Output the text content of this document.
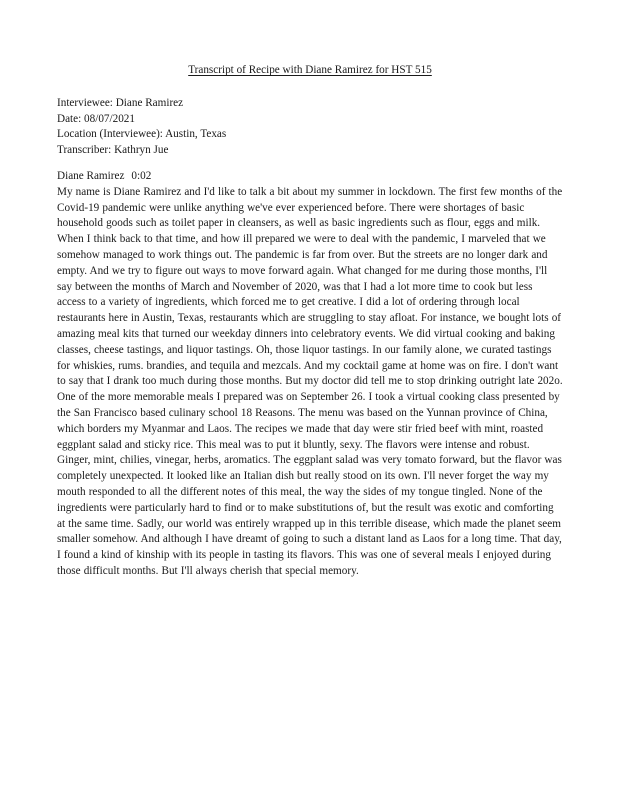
Transcript of Recipe with Diane Ramirez for HST 515
Interviewee: Diane Ramirez
Date: 08/07/2021
Location (Interviewee): Austin, Texas
Transcriber: Kathryn Jue
Diane Ramirez 0:02

My name is Diane Ramirez and I'd like to talk a bit about my summer in lockdown. The first few months of the Covid-19 pandemic were unlike anything we've ever experienced before. There were shortages of basic household goods such as toilet paper in cleansers, as well as basic ingredients such as flour, eggs and milk. When I think back to that time, and how ill prepared we were to deal with the pandemic, I marveled that we somehow managed to work things out. The pandemic is far from over. But the streets are no longer dark and empty. And we try to figure out ways to move forward again. What changed for me during those months, I'll say between the months of March and November of 2020, was that I had a lot more time to cook but less access to a variety of ingredients, which forced me to get creative. I did a lot of ordering through local restaurants here in Austin, Texas, restaurants which are struggling to stay afloat. For instance, we bought lots of amazing meal kits that turned our weekday dinners into celebratory events. We did virtual cooking and baking classes, cheese tastings, and liquor tastings. Oh, those liquor tastings. In our family alone, we curated tastings for whiskies, rums. brandies, and tequila and mezcals. And my cocktail game at home was on fire. I don't want to say that I drank too much during those months. But my doctor did tell me to stop drinking outright late 202o. One of the more memorable meals I prepared was on September 26. I took a virtual cooking class presented by the San Francisco based culinary school 18 Reasons. The menu was based on the Yunnan province of China, which borders my Myanmar and Laos. The recipes we made that day were stir fried beef with mint, roasted eggplant salad and sticky rice. This meal was to put it bluntly, sexy. The flavors were intense and robust. Ginger, mint, chilies, vinegar, herbs, aromatics. The eggplant salad was very tomato forward, but the flavor was completely unexpected. It looked like an Italian dish but really stood on its own. I'll never forget the way my mouth responded to all the different notes of this meal, the way the sides of my tongue tingled. None of the ingredients were particularly hard to find or to make substitutions of, but the result was exotic and comforting at the same time. Sadly, our world was entirely wrapped up in this terrible disease, which made the planet seem smaller somehow. And although I have dreamt of going to such a distant land as Laos for a long time. That day, I found a kind of kinship with its people in tasting its flavors. This was one of several meals I enjoyed during those difficult months. But I'll always cherish that special memory.
